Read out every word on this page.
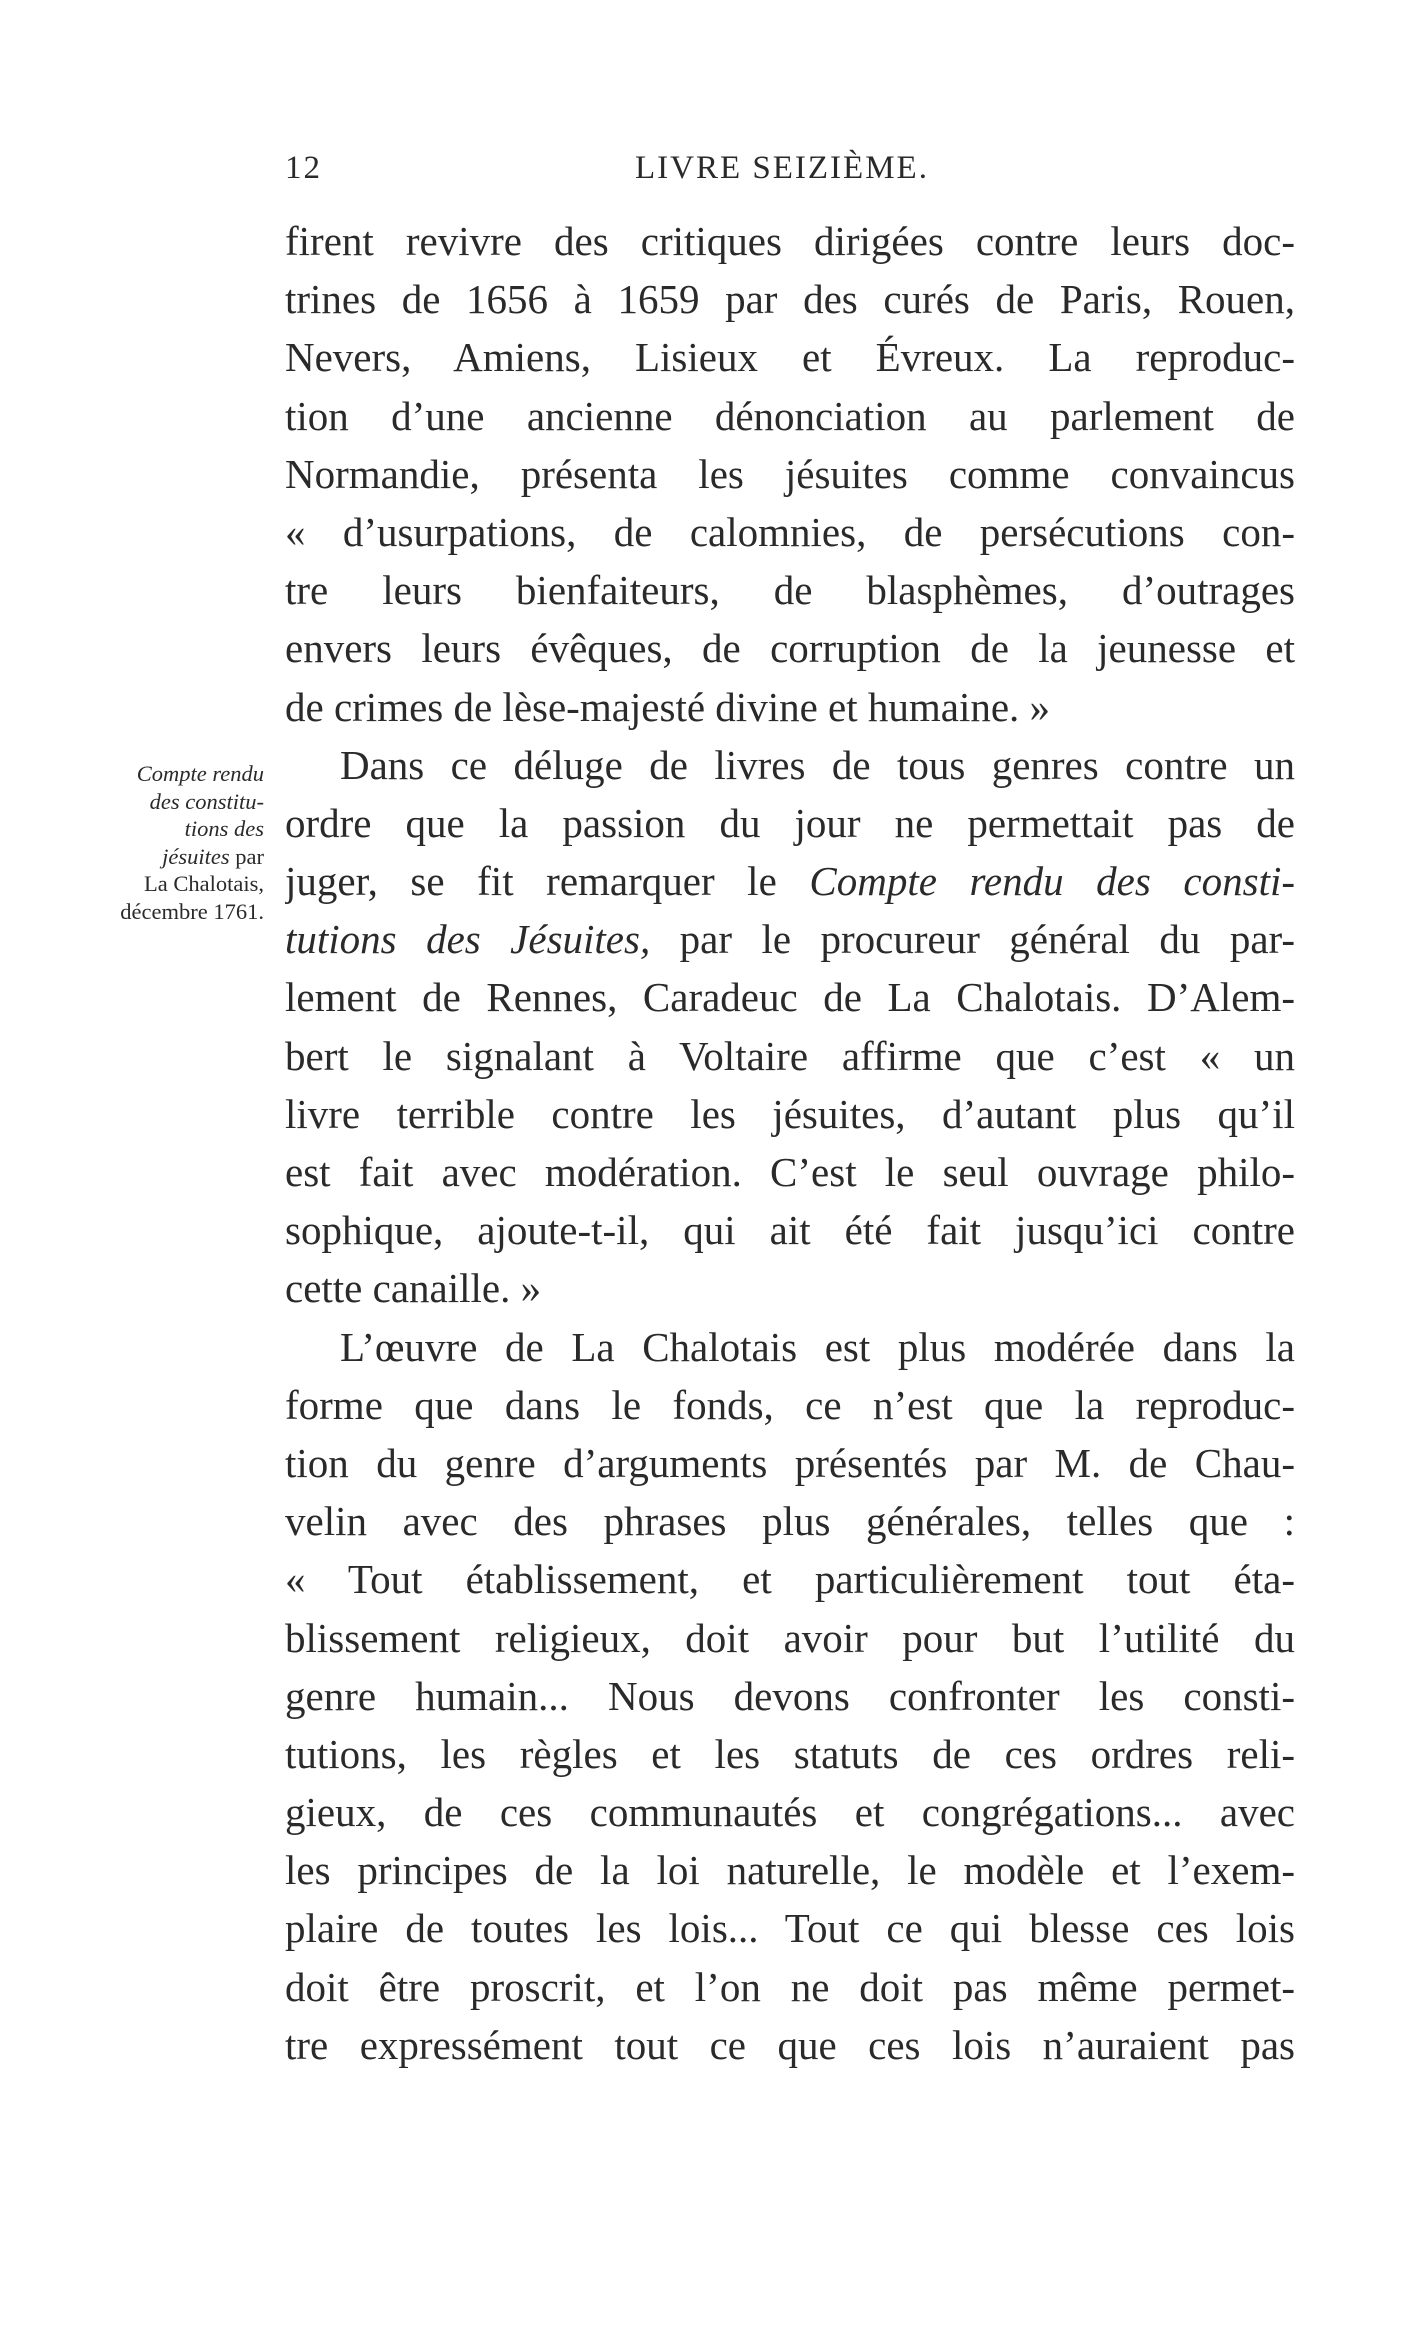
12	LIVRE SEIZIÈME.
Compte rendu
des constitu-
tions des
jésuites par
La Chalotais,
décembre 1761.
firent revivre des critiques dirigées contre leurs doc-
trines de 1656 à 1659 par des curés de Paris, Rouen,
Nevers, Amiens, Lisieux et Évreux. La reproduc-
tion d’une ancienne dénonciation au parlement de
Normandie, présenta les jésuites comme convaincus
« d’usurpations, de calomnies, de persécutions con-
tre leurs bienfaiteurs, de blasphèmes, d’outrages
envers leurs évêques, de corruption de la jeunesse et
de crimes de lèse-majesté divine et humaine. »
Dans ce déluge de livres de tous genres contre un
ordre que la passion du jour ne permettait pas de
juger, se fit remarquer le Compte rendu des consti-
tutions des Jésuites, par le procureur général du par-
lement de Rennes, Caradeuc de La Chalotais. D’Alem-
bert le signalant à Voltaire affirme que c’est « un
livre terrible contre les jésuites, d’autant plus qu’il
est fait avec modération. C’est le seul ouvrage philo-
sophique, ajoute-t-il, qui ait été fait jusqu’ici contre
cette canaille. »
L’œuvre de La Chalotais est plus modérée dans la
forme que dans le fonds, ce n’est que la reproduc-
tion du genre d’arguments présentés par M. de Chau-
velin avec des phrases plus générales, telles que :
« Tout établissement, et particulièrement tout éta-
blissement religieux, doit avoir pour but l’utilité du
genre humain... Nous devons confronter les consti-
tutions, les règles et les statuts de ces ordres reli-
gieux, de ces communautés et congrégations... avec
les principes de la loi naturelle, le modèle et l’exem-
plaire de toutes les lois... Tout ce qui blesse ces lois
doit être proscrit, et l’on ne doit pas même permet-
tre expressément tout ce que ces lois n’auraient pas
